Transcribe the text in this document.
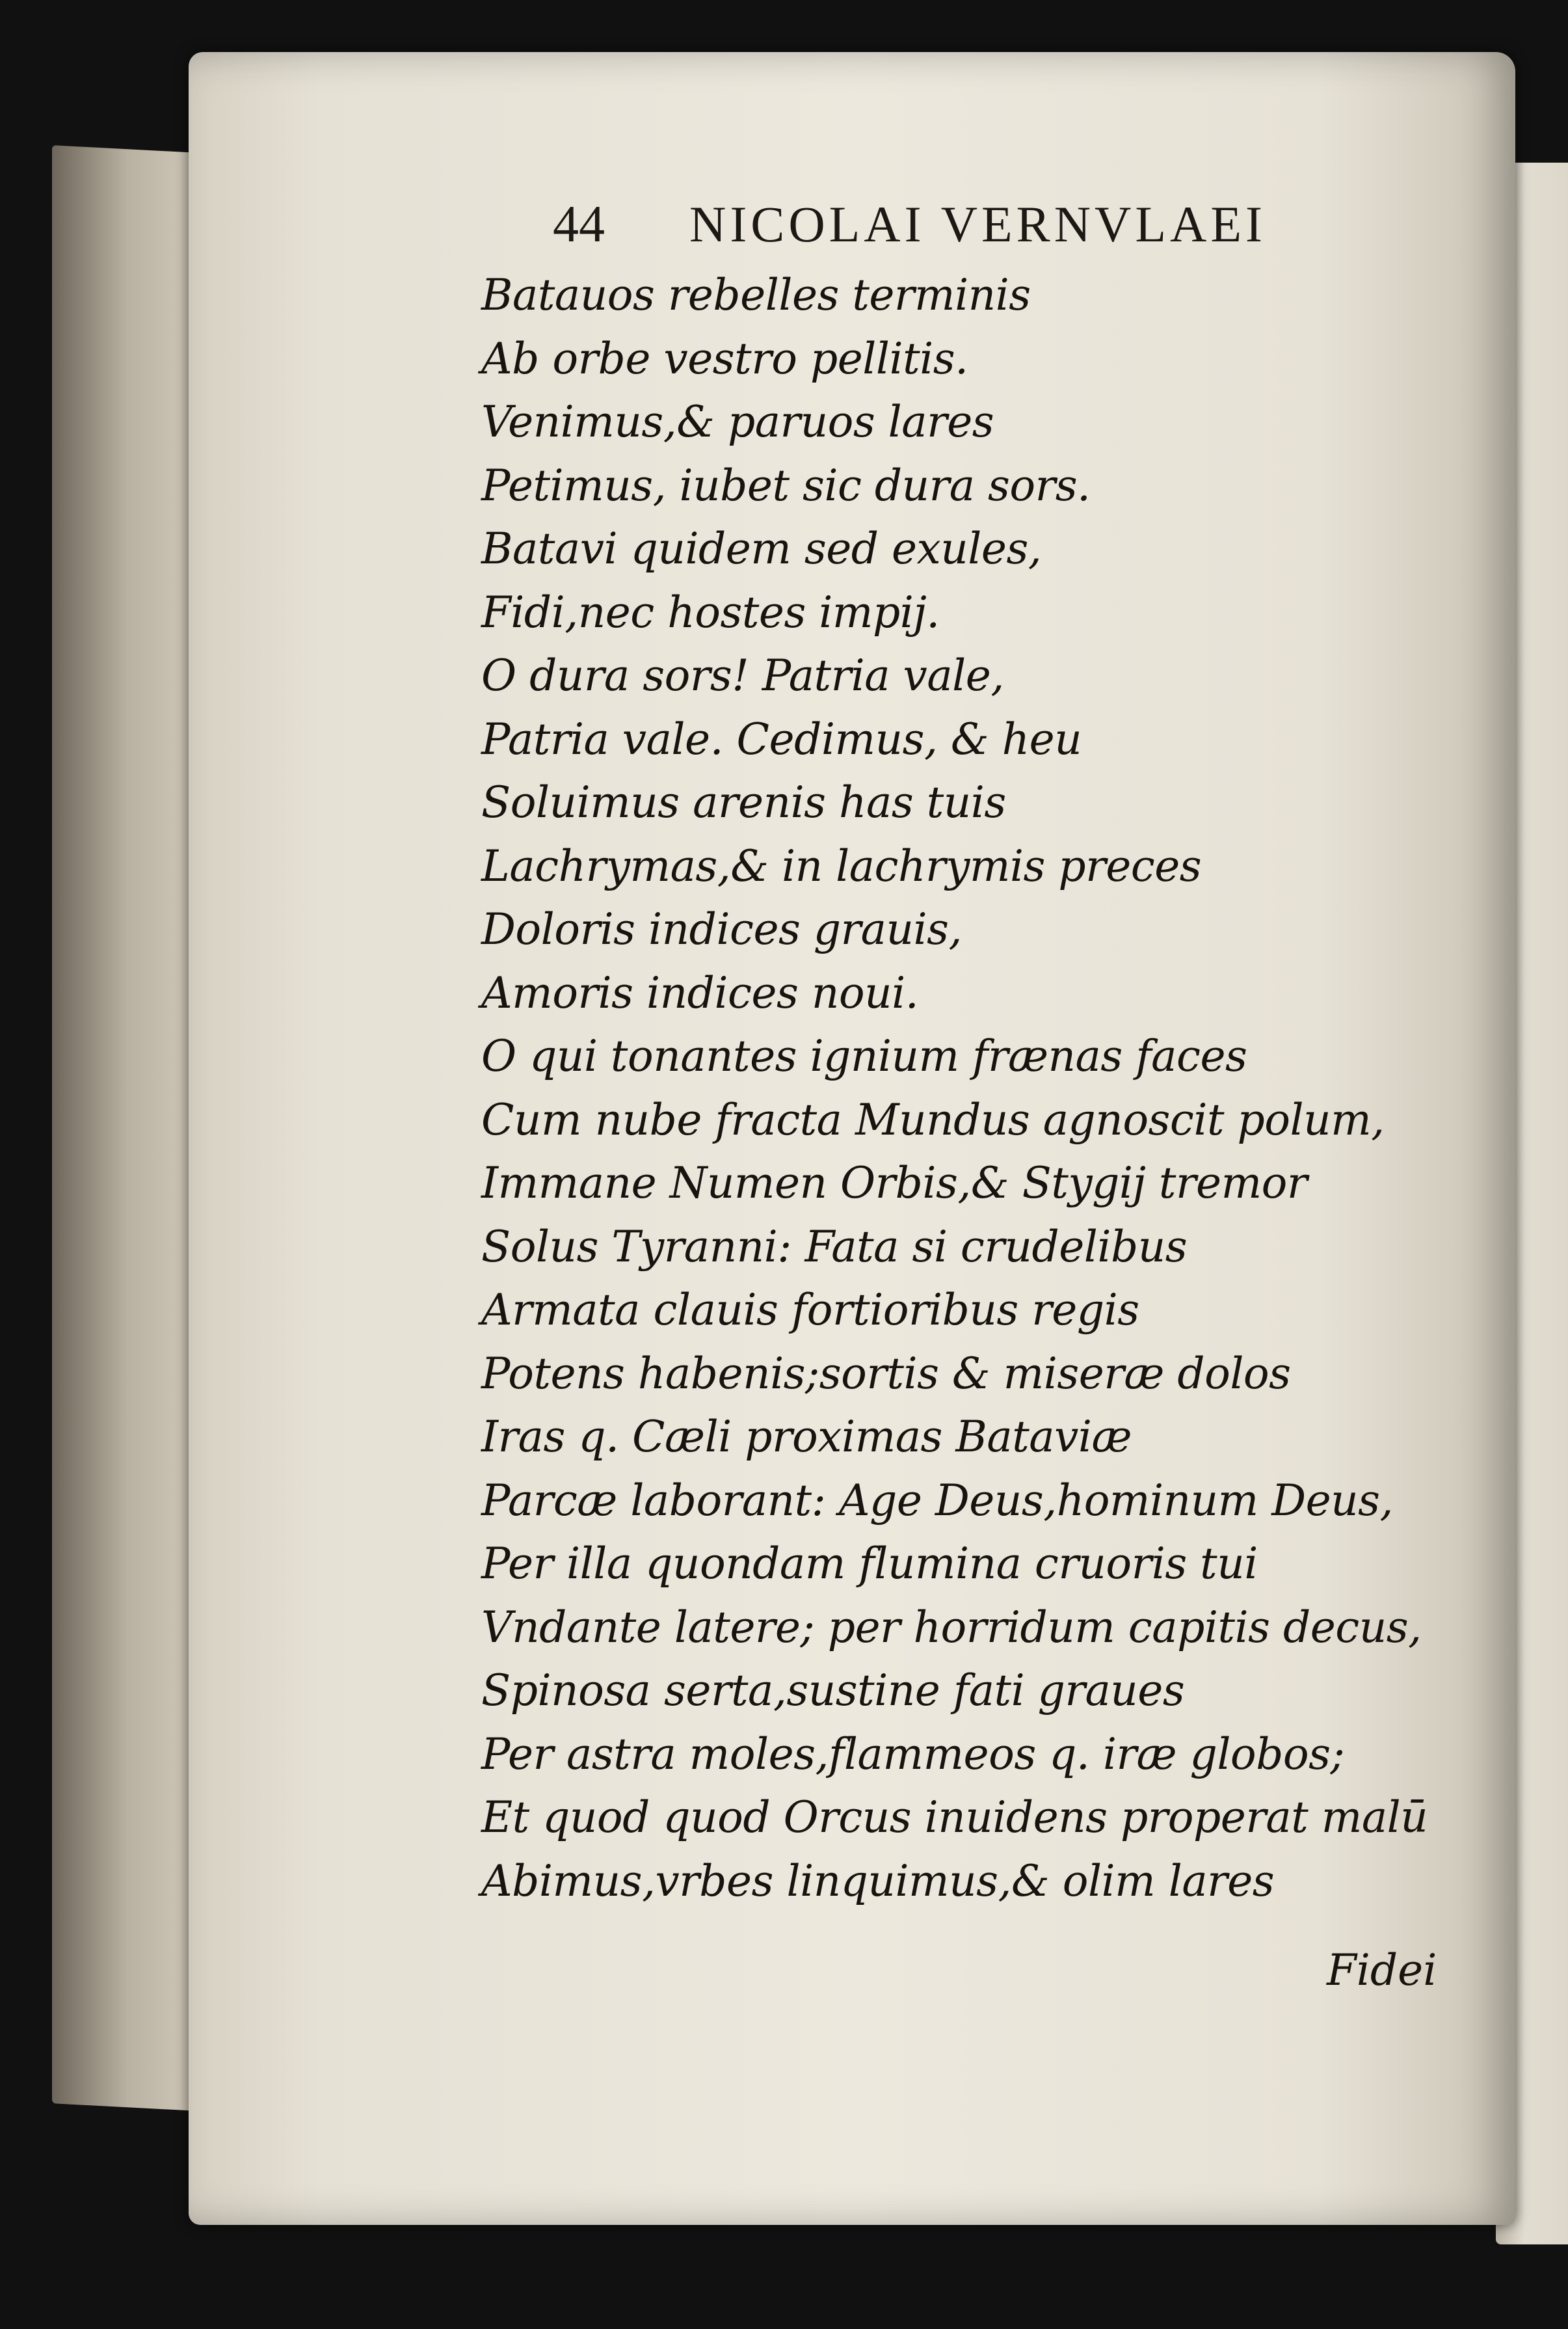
44 NICOLAI VERNVLAEI
Batauos rebelles terminis
Ab orbe vestro pellitis.
Venimus,& paruos lares
Petimus, iubet sic dura sors.
Batavi quidem sed exules,
Fidi,nec hostes impij.
O dura sors! Patria vale,
Patria vale. Cedimus, & heu
Soluimus arenis has tuis
Lachrymas,& in lachrymis preces
Doloris indices grauis,
Amoris indices noui.
O qui tonantes ignium frænas faces
Cum nube fracta Mundus agnoscit polum,
Immane Numen Orbis,& Stygij tremor
Solus Tyranni: Fata si crudelibus
Armata clauis fortioribus regis
Potens habenis;sortis & miseræ dolos
Iras q. Cæli proximas Bataviæ
Parcæ laborant: Age Deus,hominum Deus,
Per illa quondam flumina cruoris tui
Vndante latere; per horridum capitis decus,
Spinosa serta,sustine fati graues
Per astra moles,flammeos q. iræ globos;
Et quod quod Orcus inuidens properat malū
Abimus,vrbes linquimus,& olim lares
Fidei
